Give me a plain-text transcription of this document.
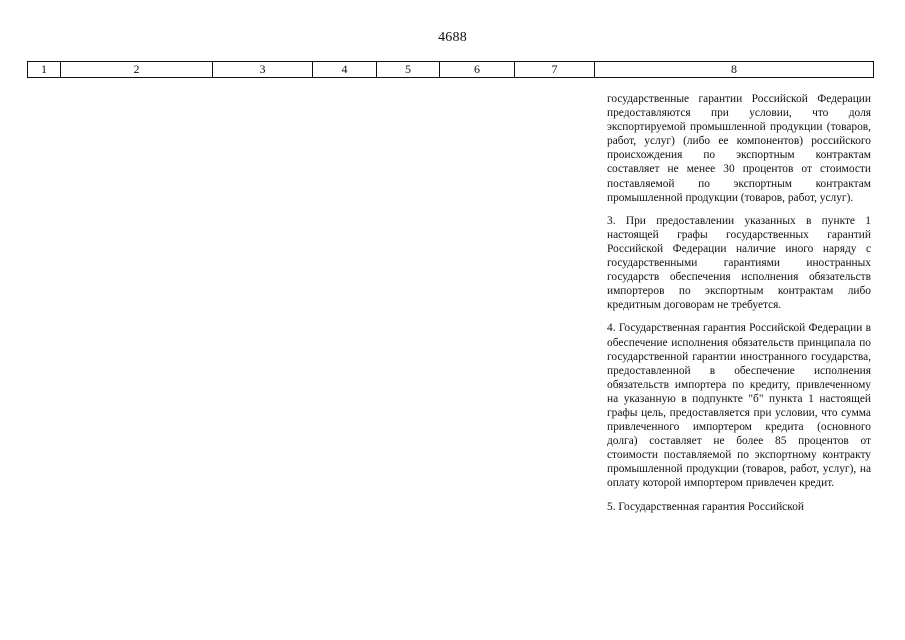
4688
1	2	3	4	5	6	7	8

государственные гарантии Российской Федерации предоставляются при условии, что доля экспортируемой промышленной продукции (товаров, работ, услуг) (либо ее компонентов) российского происхождения по экспортным контрактам составляет не менее 30 процентов от стоимости поставляемой по экспортным контрактам промышленной продукции (товаров, работ, услуг).

3. При предоставлении указанных в пункте 1 настоящей графы государственных гарантий Российской Федерации наличие иного наряду с государственными гарантиями иностранных государств обеспечения исполнения обязательств импортеров по экспортным контрактам либо кредитным договорам не требуется.

4. Государственная гарантия Российской Федерации в обеспечение исполнения обязательств принципала по государственной гарантии иностранного государства, предоставленной в обеспечение исполнения обязательств импортера по кредиту, привлеченному на указанную в подпункте "б" пункта 1 настоящей графы цель, предоставляется при условии, что сумма привлеченного импортером кредита (основного долга) составляет не более 85 процентов от стоимости поставляемой по экспортному контракту промышленной продукции (товаров, работ, услуг), на оплату которой импортером привлечен кредит.

5. Государственная гарантия Российской
